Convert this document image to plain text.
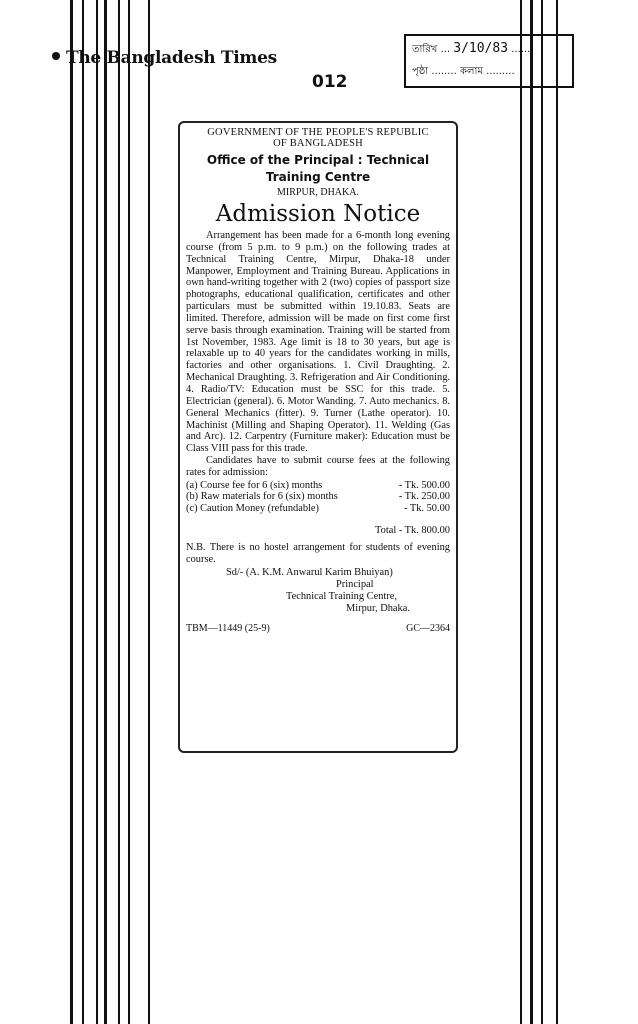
The Bangladesh Times
012
তারিখ ... 3/10/83 ......
পৃষ্ঠা ........ কলাম .........
GOVERNMENT OF THE PEOPLE'S REPUBLIC
OF BANGLADESH
Office of the Principal : Technical
Training Centre
MIRPUR, DHAKA.
Admission Notice

Arrangement has been made for a 6-month long evening course (from 5 p.m. to 9 p.m.) on the following trades at Technical Training Centre, Mirpur, Dhaka-18 under Manpower, Employment and Training Bureau. Applications in own hand-writing together with 2 (two) copies of passport size photographs, educational qualification, certificates and other particulars must be submitted within 19.10.83. Seats are limited. Therefore, admission will be made on first come first serve basis through examination. Training will be started from 1st November, 1983. Age limit is 18 to 30 years, but age is relaxable up to 40 years for the candidates working in mills, factories and other organisations. 1. Civil Draughting. 2. Mechanical Draughting. 3. Refrigeration and Air Conditioning. 4. Radio/TV: Education must be SSC for this trade. 5. Electrician (general). 6. Motor Wanding. 7. Auto mechanics. 8. General Mechanics (fitter). 9. Turner (Lathe operator). 10. Machinist (Milling and Shaping Operator). 11. Welding (Gas and Arc). 12. Carpentry (Furniture maker): Education must be Class VIII pass for this trade.

Candidates have to submit course fees at the following rates for admission:

(a) Course fee for 6 (six) months	- Tk. 500.00
(b) Raw materials for 6 (six) months	- Tk. 250.00
(c) Caution Money (refundable)	- Tk. 50.00
Total - Tk. 800.00
N.B. There is no hostel arrangement for students of evening course.
Sd/- (A. K.M. Anwarul Karim Bhuiyan)
Principal
Technical Training Centre,
Mirpur, Dhaka.
TBM—11449 (25-9)	GC—2364
